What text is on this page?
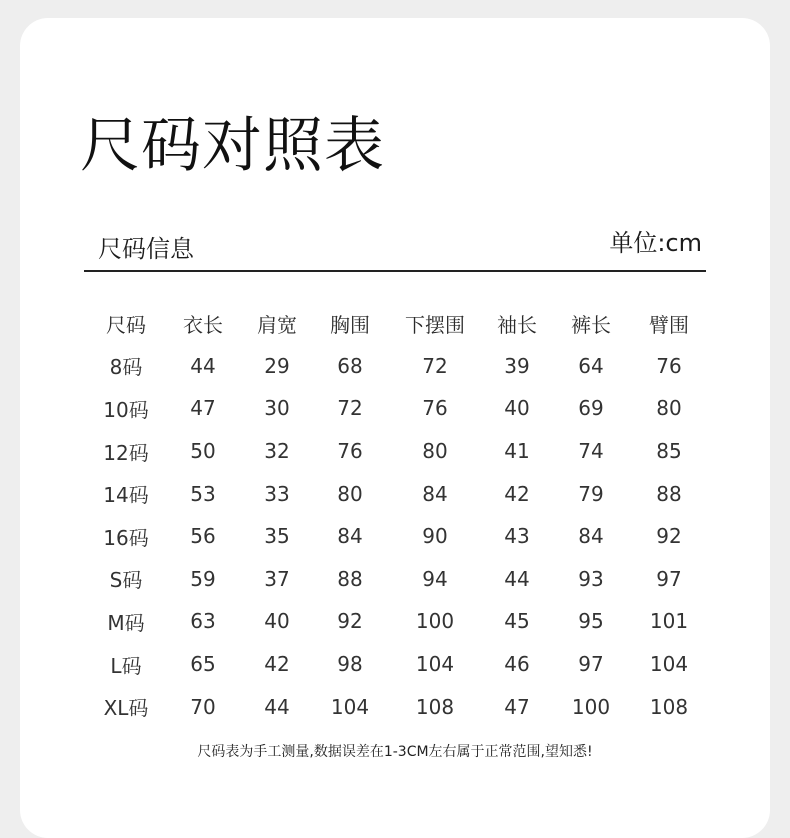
尺码对照表
尺码信息	单位:cm
尺码	衣长	肩宽	胸围	下摆围	袖长	裤长	臂围
8码	44	29	68	72	39	64	76
10码	47	30	72	76	40	69	80
12码	50	32	76	80	41	74	85
14码	53	33	80	84	42	79	88
16码	56	35	84	90	43	84	92
S码	59	37	88	94	44	93	97
M码	63	40	92	100	45	95	101
L码	65	42	98	104	46	97	104
XL码	70	44	104	108	47	100	108
尺码表为手工测量,数据误差在1-3CM左右属于正常范围,望知悉!
